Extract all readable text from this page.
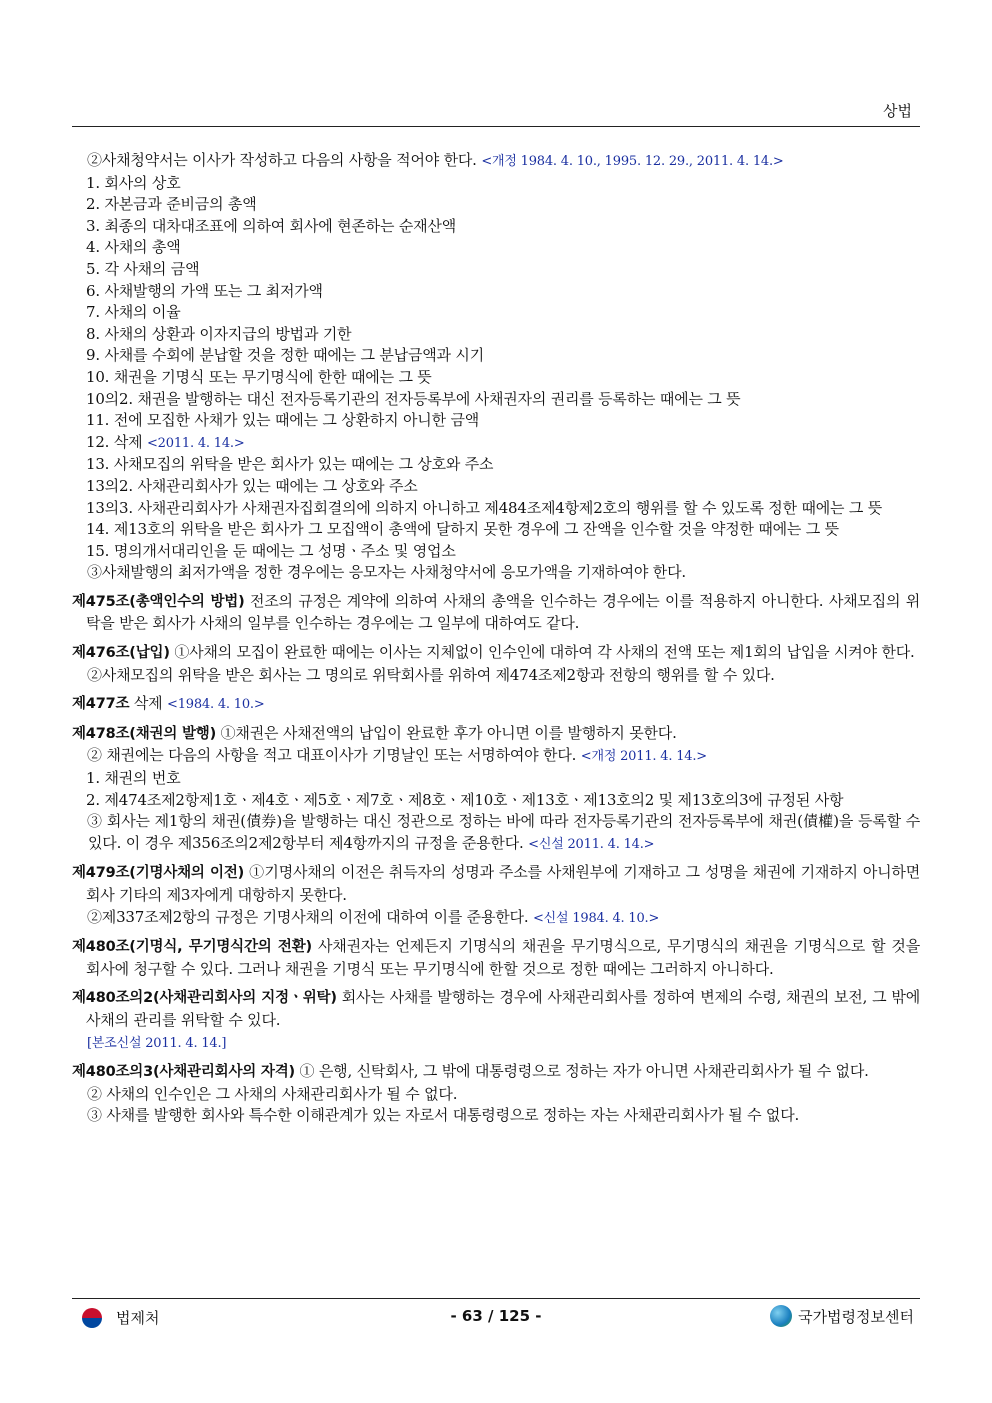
상법

②사채청약서는 이사가 작성하고 다음의 사항을 적어야 한다. <개정 1984. 4. 10., 1995. 12. 29., 2011. 4. 14.>

1. 회사의 상호

2. 자본금과 준비금의 총액

3. 최종의 대차대조표에 의하여 회사에 현존하는 순재산액

4. 사채의 총액

5. 각 사채의 금액

6. 사채발행의 가액 또는 그 최저가액

7. 사채의 이율

8. 사채의 상환과 이자지급의 방법과 기한

9. 사채를 수회에 분납할 것을 정한 때에는 그 분납금액과 시기

10. 채권을 기명식 또는 무기명식에 한한 때에는 그 뜻

10의2. 채권을 발행하는 대신 전자등록기관의 전자등록부에 사채권자의 권리를 등록하는 때에는 그 뜻

11. 전에 모집한 사채가 있는 때에는 그 상환하지 아니한 금액

12. 삭제 <2011. 4. 14.>

13. 사채모집의 위탁을 받은 회사가 있는 때에는 그 상호와 주소

13의2. 사채관리회사가 있는 때에는 그 상호와 주소

13의3. 사채관리회사가 사채권자집회결의에 의하지 아니하고 제484조제4항제2호의 행위를 할 수 있도록 정한 때에는 그 뜻

14. 제13호의 위탁을 받은 회사가 그 모집액이 총액에 달하지 못한 경우에 그 잔액을 인수할 것을 약정한 때에는 그 뜻

15. 명의개서대리인을 둔 때에는 그 성명ㆍ주소 및 영업소

③사채발행의 최저가액을 정한 경우에는 응모자는 사채청약서에 응모가액을 기재하여야 한다.

제475조(총액인수의 방법) 전조의 규정은 계약에 의하여 사채의 총액을 인수하는 경우에는 이를 적용하지 아니한다. 사채모집의 위탁을 받은 회사가 사채의 일부를 인수하는 경우에는 그 일부에 대하여도 같다.

제476조(납입) ①사채의 모집이 완료한 때에는 이사는 지체없이 인수인에 대하여 각 사채의 전액 또는 제1회의 납입을 시켜야 한다.

②사채모집의 위탁을 받은 회사는 그 명의로 위탁회사를 위하여 제474조제2항과 전항의 행위를 할 수 있다.

제477조 삭제 <1984. 4. 10.>

제478조(채권의 발행) ①채권은 사채전액의 납입이 완료한 후가 아니면 이를 발행하지 못한다.

② 채권에는 다음의 사항을 적고 대표이사가 기명날인 또는 서명하여야 한다. <개정 2011. 4. 14.>

1. 채권의 번호

2. 제474조제2항제1호ㆍ제4호ㆍ제5호ㆍ제7호ㆍ제8호ㆍ제10호ㆍ제13호ㆍ제13호의2 및 제13호의3에 규정된 사항

③ 회사는 제1항의 채권(債券)을 발행하는 대신 정관으로 정하는 바에 따라 전자등록기관의 전자등록부에 채권(債權)을 등록할 수 있다. 이 경우 제356조의2제2항부터 제4항까지의 규정을 준용한다. <신설 2011. 4. 14.>

제479조(기명사채의 이전) ①기명사채의 이전은 취득자의 성명과 주소를 사채원부에 기재하고 그 성명을 채권에 기재하지 아니하면 회사 기타의 제3자에게 대항하지 못한다.

②제337조제2항의 규정은 기명사채의 이전에 대하여 이를 준용한다. <신설 1984. 4. 10.>

제480조(기명식, 무기명식간의 전환) 사채권자는 언제든지 기명식의 채권을 무기명식으로, 무기명식의 채권을 기명식으로 할 것을 회사에 청구할 수 있다. 그러나 채권을 기명식 또는 무기명식에 한할 것으로 정한 때에는 그러하지 아니하다.

제480조의2(사채관리회사의 지정ㆍ위탁) 회사는 사채를 발행하는 경우에 사채관리회사를 정하여 변제의 수령, 채권의 보전, 그 밖에 사채의 관리를 위탁할 수 있다.

[본조신설 2011. 4. 14.]

제480조의3(사채관리회사의 자격) ① 은행, 신탁회사, 그 밖에 대통령령으로 정하는 자가 아니면 사채관리회사가 될 수 없다.

② 사채의 인수인은 그 사채의 사채관리회사가 될 수 없다.

③ 사채를 발행한 회사와 특수한 이해관계가 있는 자로서 대통령령으로 정하는 자는 사채관리회사가 될 수 없다.

법제처	- 63 / 125 -	국가법령정보센터
